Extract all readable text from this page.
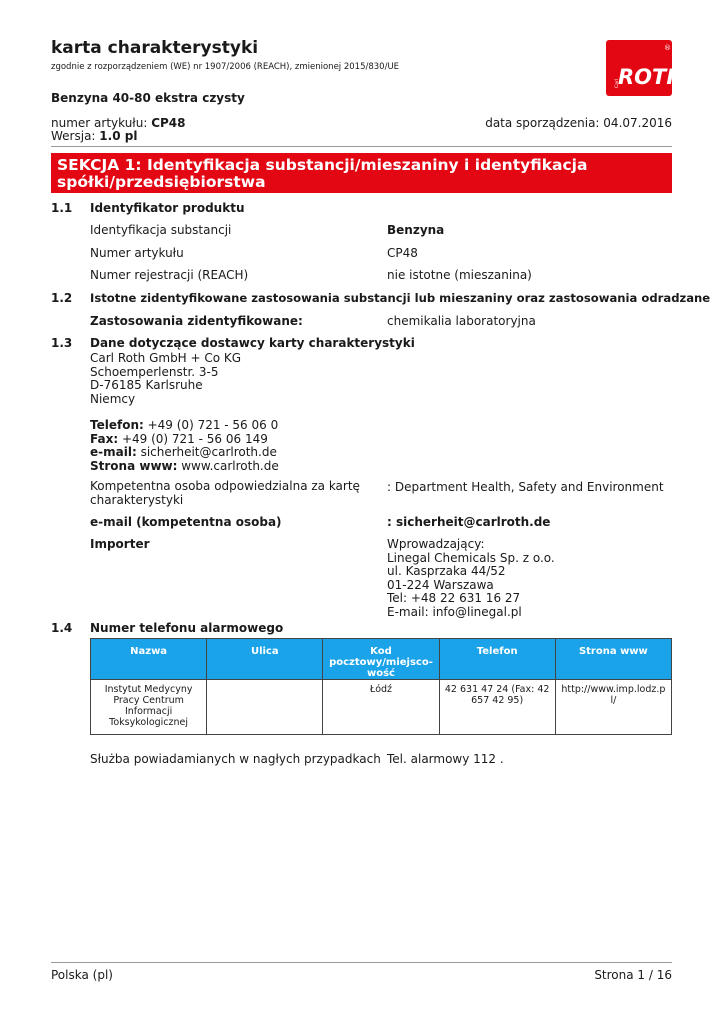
karta charakterystyki
zgodnie z rozporządzeniem (WE) nr 1907/2006 (REACH), zmienionej 2015/830/UE
®
Carl
ROT
Benzyna 40-80 ekstra czysty
numer artykułu: CP48
Wersja: 1.0 pl
data sporządzenia: 04.07.2016
SEKCJA 1: Identyfikacja substancji/mieszaniny i identyfikacja
spółki/przedsiębiorstwa
1.1 Identyfikator produktu
Identyfikacja substancji	Benzyna
Numer artykułu	CP48
Numer rejestracji (REACH)	nie istotne (mieszanina)
1.2 Istotne zidentyfikowane zastosowania substancji lub mieszaniny oraz zastosowania odradzane
Zastosowania zidentyfikowane:	chemikalia laboratoryjna
1.3 Dane dotyczące dostawcy karty charakterystyki
Carl Roth GmbH + Co KG
Schoemperlenstr. 3-5
D-76185 Karlsruhe
Niemcy
Telefon: +49 (0) 721 - 56 06 0
Fax: +49 (0) 721 - 56 06 149
e-mail: sicherheit@carlroth.de
Strona www: www.carlroth.de
Kompetentna osoba odpowiedzialna za kartę charakterystyki
: Department Health, Safety and Environment
e-mail (kompetentna osoba)	: sicherheit@carlroth.de
Importer	Wprowadzający:
Linegal Chemicals Sp. z o.o.
ul. Kasprzaka 44/52
01-224 Warszawa
Tel: +48 22 631 16 27
E-mail: info@linegal.pl
1.4 Numer telefonu alarmowego
Nazwa	Ulica	Kod pocztowy/miejsco-wość	Telefon	Strona www
Instytut Medycyny Pracy Centrum Informacji Toksykologicznej		Łódź	42 631 47 24 (Fax: 42 657 42 95)	http://www.imp.lodz.pl/
Służba powiadamianych w nagłych przypadkach Tel. alarmowy 112 .
Polska (pl)	Strona 1 / 16
